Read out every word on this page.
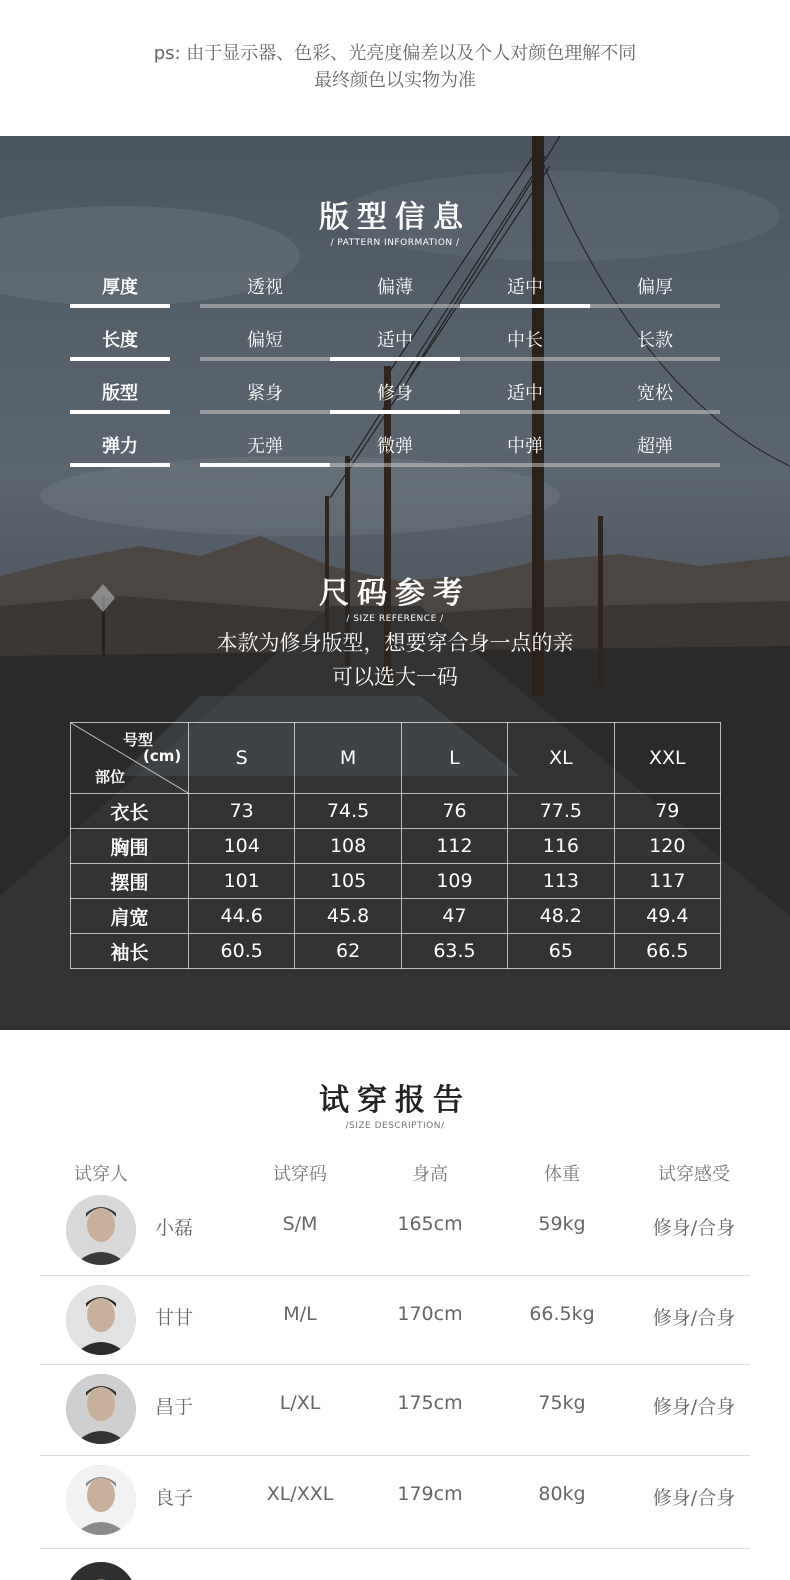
ps: 由于显示器、色彩、光亮度偏差以及个人对颜色理解不同
最终颜色以实物为准
版型信息
/ PATTERN INFORMATION /
厚度	透视	偏薄	适中	偏厚
长度	偏短	适中	中长	长款
版型	紧身	修身	适中	宽松
弹力	无弹	微弹	中弹	超弹
尺码参考
/ SIZE REFERENCE /
本款为修身版型，想要穿合身一点的亲
可以选大一码
号型
(cm)
部位	S	M	L	XL	XXL
衣长	73	74.5	76	77.5	79
胸围	104	108	112	116	120
摆围	101	105	109	113	117
肩宽	44.6	45.8	47	48.2	49.4
袖长	60.5	62	63.5	65	66.5
试穿报告
/SIZE DESCRIPTION/
试穿人	试穿码	身高	体重	试穿感受
小磊	S/M	165cm	59kg	修身/合身
甘甘	M/L	170cm	66.5kg	修身/合身
昌于	L/XL	175cm	75kg	修身/合身
良子	XL/XXL	179cm	80kg	修身/合身
